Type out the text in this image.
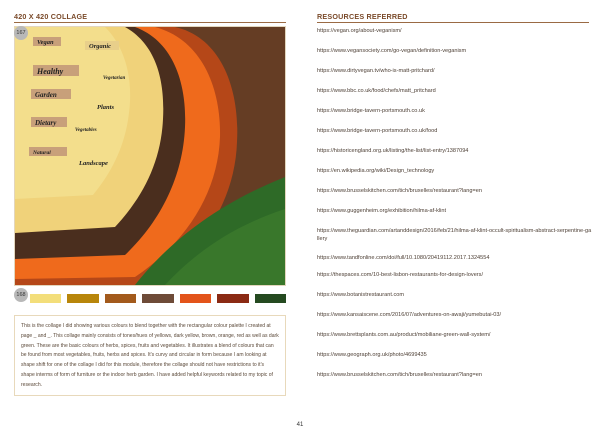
420 X 420 COLLAGE	RESOURCES REFERRED
Vegan
Organic
Healthy
Vegetarian
Garden
Plants
Dietary
Vegetables
Natural
Landscape
167
168
This is the collage I did showing various colours to blend together with the rectangular colour palette I created at page _ and _. This collage mainly consists of tones/hues of yellows, dark yellow, brown, orange, red as well as dark green. These are the basic colours of herbs, spices, fruits and vegetables. It illustrates a blend of colours that can be found from most vegetables, fruits, herbs and spices. It's curvy and circular in form because I am looking at shape shift for one of the collage I did for this module, therefore the collage should not have restrictions to it's shape interms of form of furniture or the indoor herb garden. I have added helpful keywords related to my topic of research.
https://vegan.org/about-veganism/
https://www.vegansociety.com/go-vegan/definition-veganism
https://www.dirtyvegan.tv/who-is-matt-pritchard/
https://www.bbc.co.uk/food/chefs/matt_pritchard
https://www.bridge-tavern-portsmouth.co.uk
https://www.bridge-tavern-portsmouth.co.uk/food
https://historicengland.org.uk/listing/the-list/list-entry/1387094
https://en.wikipedia.org/wiki/Design_technology
https://www.brusselskitchen.com/tich/bruxelles/restaurant?lang=en
https://www.guggenheim.org/exhibition/hilma-af-klint
https://www.theguardian.com/artanddesign/2016/feb/21/hilma-af-klint-occult-spiritualism-abstract-serpentine-gallery
https://www.tandfonline.com/doi/full/10.1080/20419112.2017.1324554
https://thespaces.com/10-best-lisbon-restaurants-for-design-lovers/
https://www.botanistrestaurant.com
https://www.kansaiscene.com/2016/07/adventures-on-awaji/yumebutai-03/
https://www.brettsplants.com.au/product/mobiliane-green-wall-system/
https://www.geograph.org.uk/photo/4699435
https://www.brusselskitchen.com/tich/bruxelles/restaurant?lang=en
41
